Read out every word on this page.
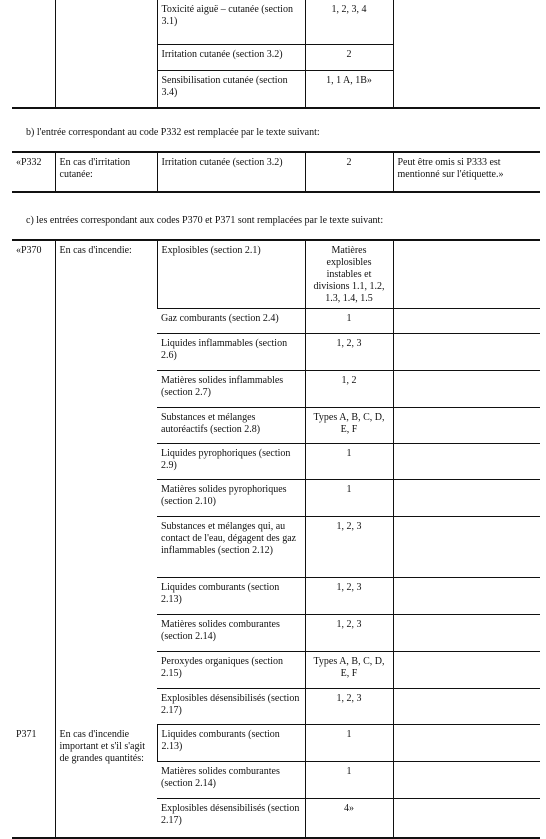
		Toxicité aiguë – cutanée (section 3.1)	1, 2, 3, 4	
		Irritation cutanée (section 3.2)	2	
		Sensibilisation cutanée (section 3.4)	1, 1 A, 1B»	
b) l'entrée correspondant au code P332 est remplacée par le texte suivant:
«P332	En cas d'irritation cutanée:	Irritation cutanée (section 3.2)	2	Peut être omis si P333 est mentionné sur l'étiquette.»
c) les entrées correspondant aux codes P370 et P371 sont remplacées par le texte suivant:
«P370	En cas d'incendie:	Explosibles (section 2.1)	Matières explosibles instables et divisions 1.1, 1.2, 1.3, 1.4, 1.5	
		Gaz comburants (section 2.4)	1	
		Liquides inflammables (section 2.6)	1, 2, 3	
		Matières solides inflammables (section 2.7)	1, 2	
		Substances et mélanges autoréactifs (section 2.8)	Types A, B, C, D, E, F	
		Liquides pyrophoriques (section 2.9)	1	
		Matières solides pyrophoriques (section 2.10)	1	
		Substances et mélanges qui, au contact de l'eau, dégagent des gaz inflammables (section 2.12)	1, 2, 3	
		Liquides comburants (section 2.13)	1, 2, 3	
		Matières solides comburantes (section 2.14)	1, 2, 3	
		Peroxydes organiques (section 2.15)	Types A, B, C, D, E, F	
		Explosibles désensibilisés (section 2.17)	1, 2, 3	
P371	En cas d'incendie important et s'il s'agit de grandes quantités:	Liquides comburants (section 2.13)	1	
		Matières solides comburantes (section 2.14)	1	
		Explosibles désensibilisés (section 2.17)	4»	
